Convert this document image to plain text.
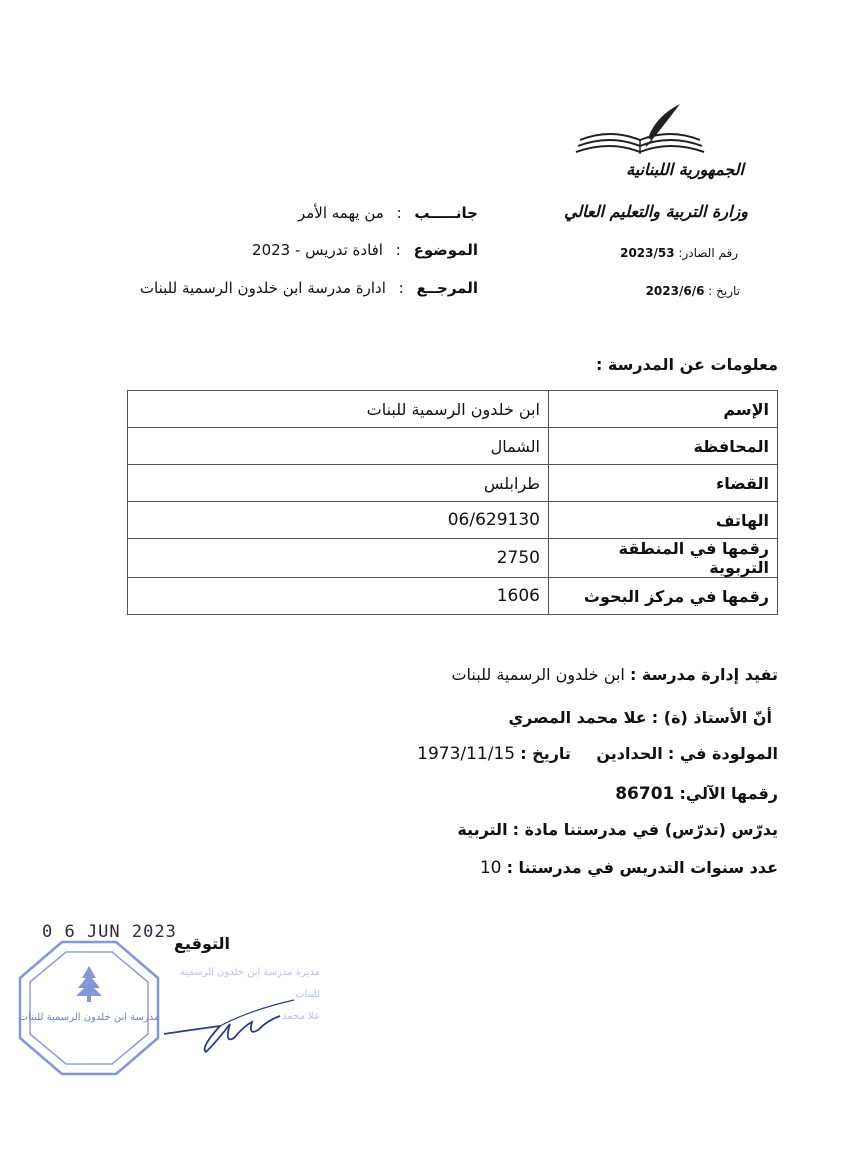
الجمهورية اللبنانية
وزارة التربية والتعليم العالي
رقم الصادر: 2023/53
تاريخ : 2023/6/6
جانـــــب : من يهمه الأمر
الموضوع : افادة تدريس - 2023
المرجــع : ادارة مدرسة ابن خلدون الرسمية للبنات
معلومات عن المدرسة :
الإسم	ابن خلدون الرسمية للبنات
المحافظة	الشمال
القضاء	طرابلس
الهاتف	06/629130
رقمها في المنطقة التربوية	2750
رقمها في مركز البحوث	1606
تفيد إدارة مدرسة : ابن خلدون الرسمية للبنات
أنّ الأستاذ (ة) : علا محمد المصري
المولودة في : الحدادين     تاريخ : 1973/11/15
رقمها الآلي: 86701
يدرّس (تدرّس) في مدرستنا مادة : التربية
عدد سنوات التدريس في مدرستنا : 10
التوقيع
0 6 JUN 2023
مدرسة ابن خلدون الرسمية للبنات
مديرة مدرسة ابن خلدون الرسمية
للبنات
علا محمد
